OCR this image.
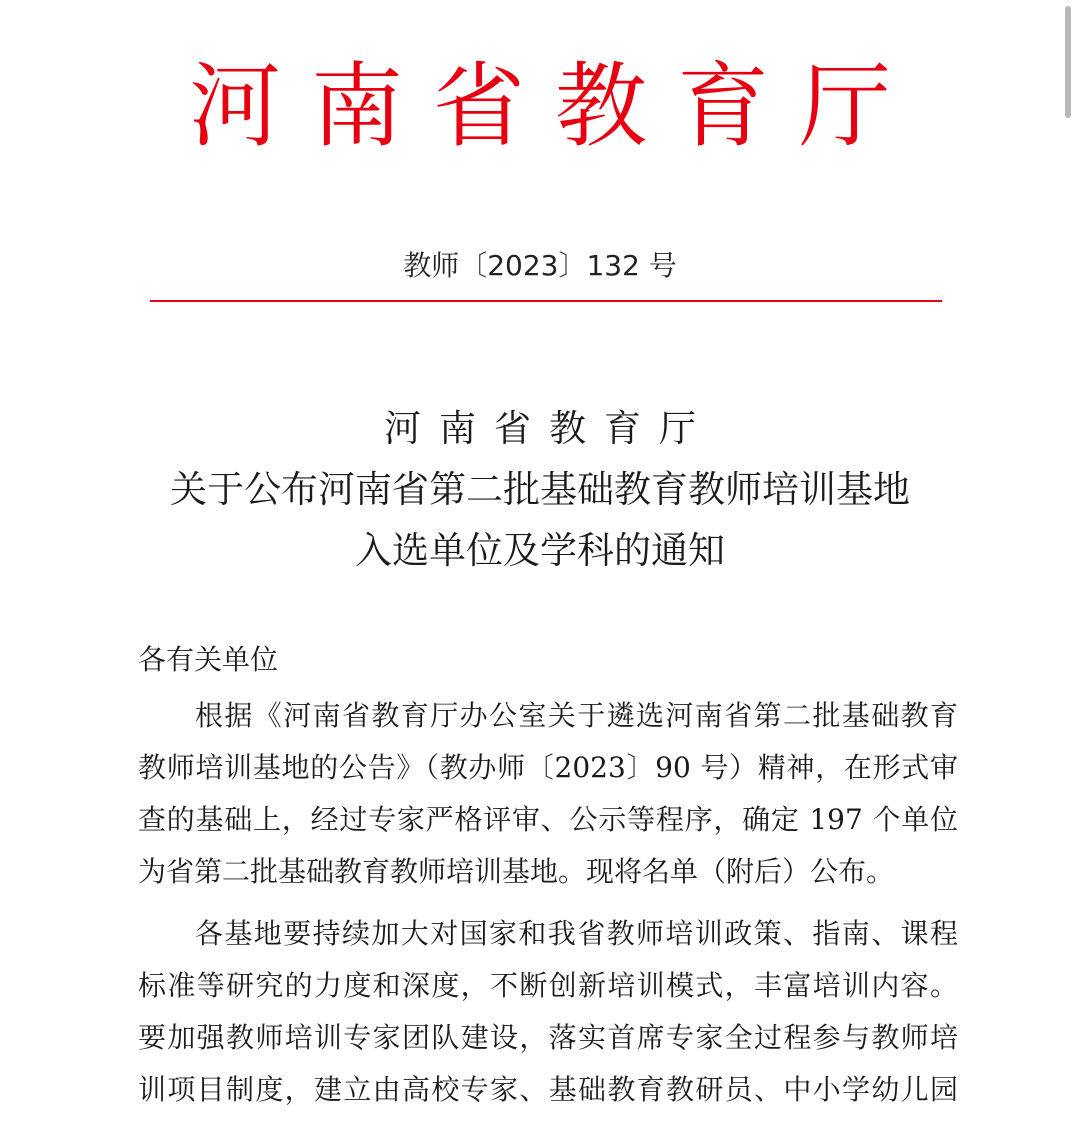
河南省教育厅
教师〔2023〕132 号
河南省教育厅
关于公布河南省第二批基础教育教师培训基地
入选单位及学科的通知
各有关单位

根据《河南省教育厅办公室关于遴选河南省第二批基础教育
教师培训基地的公告》（教办师〔2023〕90 号）精神，在形式审
查的基础上，经过专家严格评审、公示等程序，确定 197 个单位
为省第二批基础教育教师培训基地。现将名单（附后）公布。

各基地要持续加大对国家和我省教师培训政策、指南、课程
标准等研究的力度和深度，不断创新培训模式，丰富培训内容。
要加强教师培训专家团队建设，落实首席专家全过程参与教师培
训项目制度，建立由高校专家、基础教育教研员、中小学幼儿园
